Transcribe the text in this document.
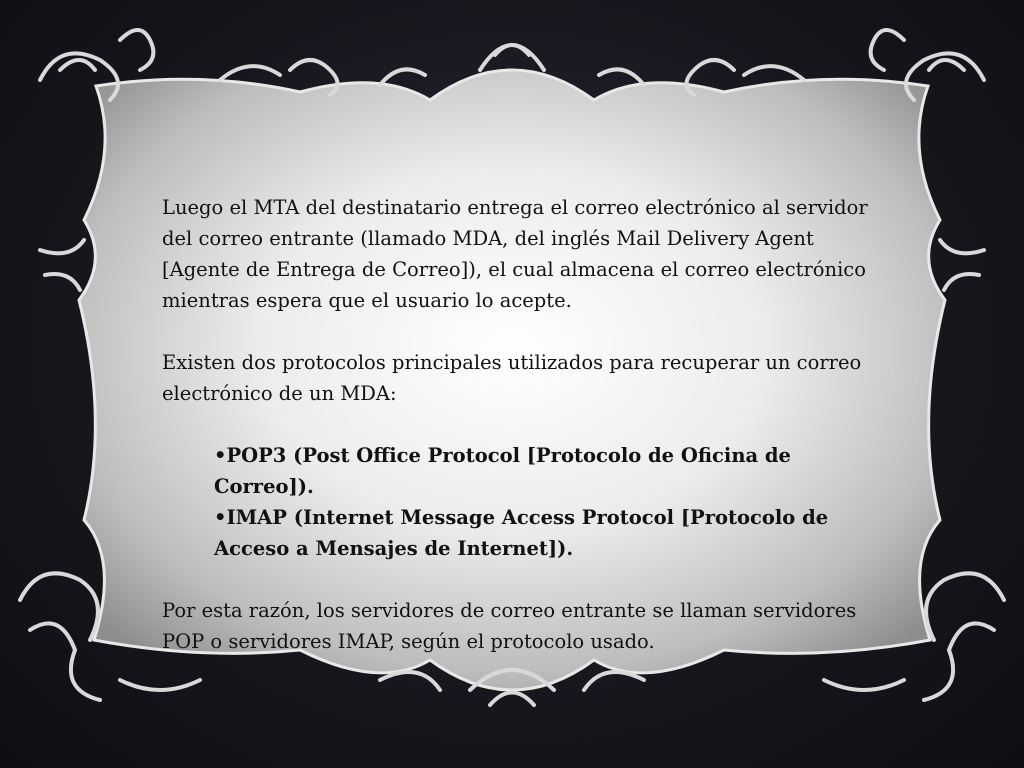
Luego el MTA del destinatario entrega el correo electrónico al servidor del correo entrante (llamado MDA, del inglés Mail Delivery Agent [Agente de Entrega de Correo]), el cual almacena el correo electrónico mientras espera que el usuario lo acepte.

Existen dos protocolos principales utilizados para recuperar un correo electrónico de un MDA:

•POP3 (Post Office Protocol [Protocolo de Oficina de Correo]).
•IMAP (Internet Message Access Protocol [Protocolo de Acceso a Mensajes de Internet]).

Por esta razón, los servidores de correo entrante se llaman servidores POP o servidores IMAP, según el protocolo usado.
